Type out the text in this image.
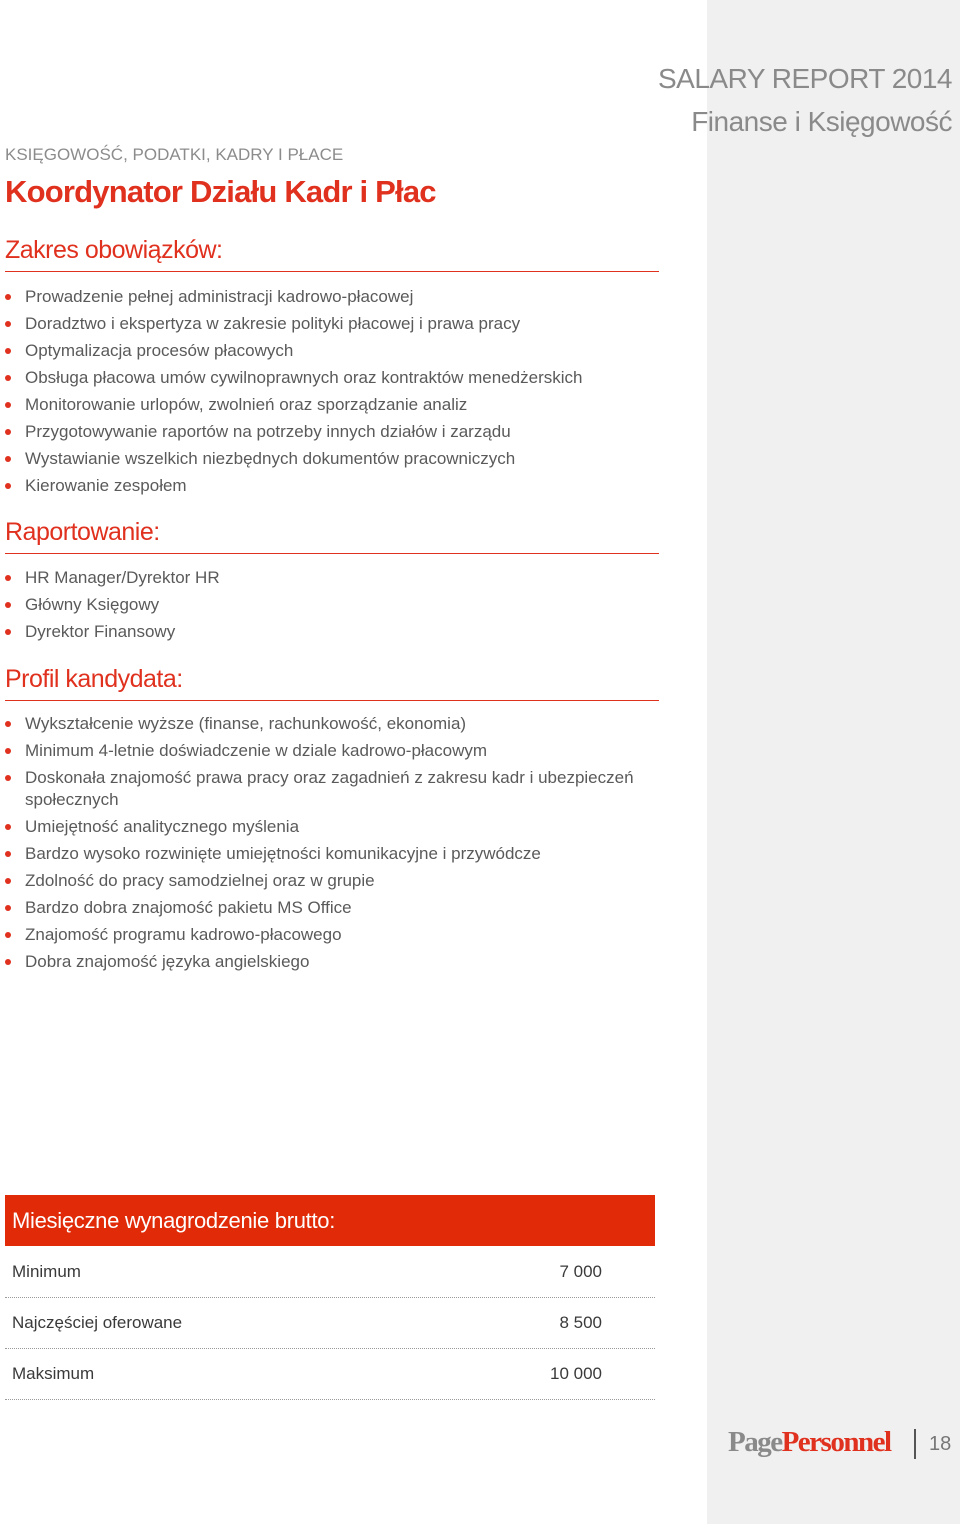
SALARY REPORT 2014
Finanse i Księgowość
KSIĘGOWOŚĆ, PODATKI, KADRY I PŁACE
Koordynator Działu Kadr i Płac
Zakres obowiązków:
Prowadzenie pełnej administracji kadrowo-płacowej
Doradztwo i ekspertyza w zakresie polityki płacowej i prawa pracy
Optymalizacja procesów płacowych
Obsługa płacowa umów cywilnoprawnych oraz kontraktów menedżerskich
Monitorowanie urlopów, zwolnień oraz sporządzanie analiz
Przygotowywanie raportów na potrzeby innych działów i zarządu
Wystawianie wszelkich niezbędnych dokumentów pracowniczych
Kierowanie zespołem
Raportowanie:
HR Manager/Dyrektor HR
Główny Księgowy
Dyrektor Finansowy
Profil kandydata:
Wykształcenie wyższe (finanse, rachunkowość, ekonomia)
Minimum 4-letnie doświadczenie w dziale kadrowo-płacowym
Doskonała znajomość prawa pracy oraz zagadnień z zakresu kadr i ubezpieczeń społecznych
Umiejętność analitycznego myślenia
Bardzo wysoko rozwinięte umiejętności komunikacyjne i przywódcze
Zdolność do pracy samodzielnej oraz w grupie
Bardzo dobra znajomość pakietu MS Office
Znajomość programu kadrowo-płacowego
Dobra znajomość języka angielskiego
Miesięczne wynagrodzenie brutto:
Minimum	7 000
Najczęściej oferowane	8 500
Maksimum	10 000
PagePersonnel 18
